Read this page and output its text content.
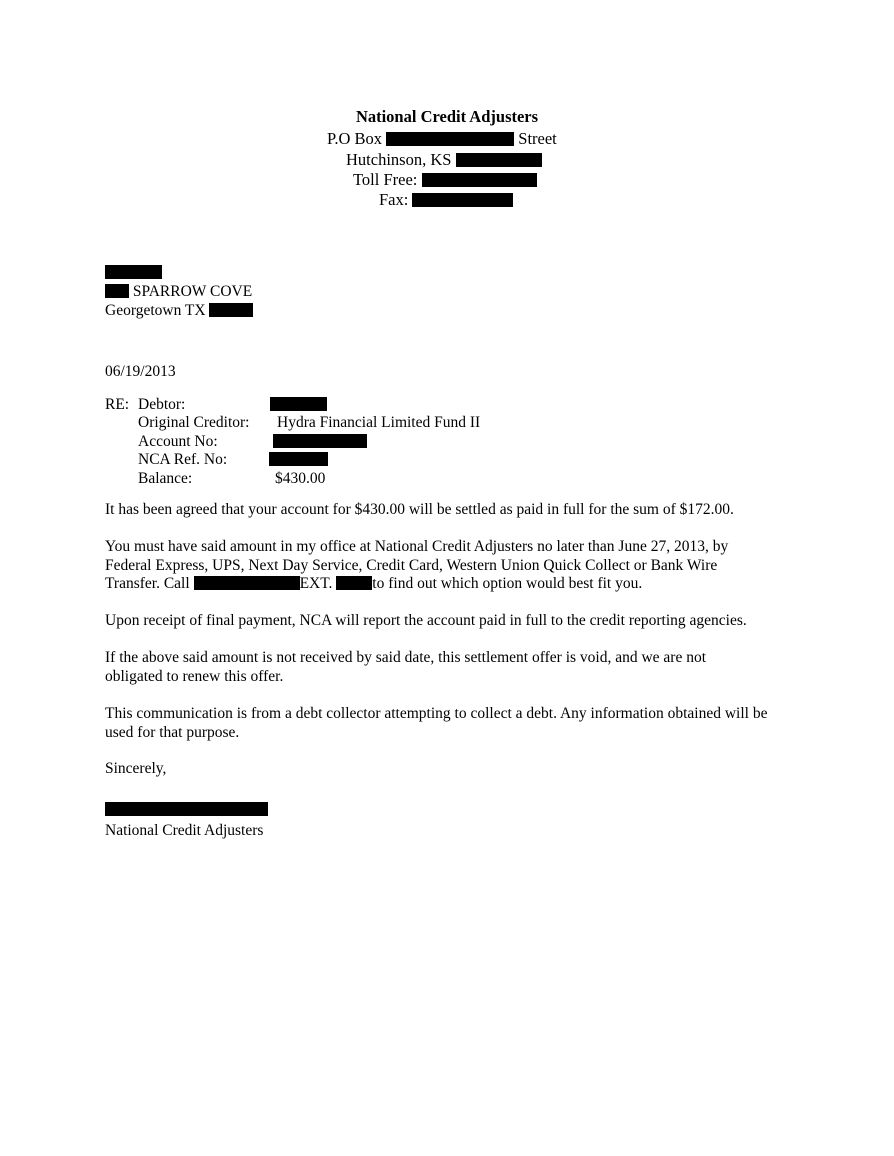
National Credit Adjusters
P.O Box	Street
Hutchinson, KS
Toll Free:
Fax:
SPARROW COVE
Georgetown TX
06/19/2013
RE: Debtor:
Original Creditor: Hydra Financial Limited Fund II
Account No:
NCA Ref. No:
Balance:	$430.00
It has been agreed that your account for $430.00 will be settled as paid in full for the sum of $172.00.
You must have said amount in my office at National Credit Adjusters no later than June 27, 2013, by
Federal Express, UPS, Next Day Service, Credit Card, Western Union Quick Collect or Bank Wire
Transfer. Call	EXT.	to find out which option would best fit you.
Upon receipt of final payment, NCA will report the account paid in full to the credit reporting agencies.
If the above said amount is not received by said date, this settlement offer is void, and we are not obligated to renew this offer.
This communication is from a debt collector attempting to collect a debt. Any information obtained will be used for that purpose.
Sincerely,
National Credit Adjusters
